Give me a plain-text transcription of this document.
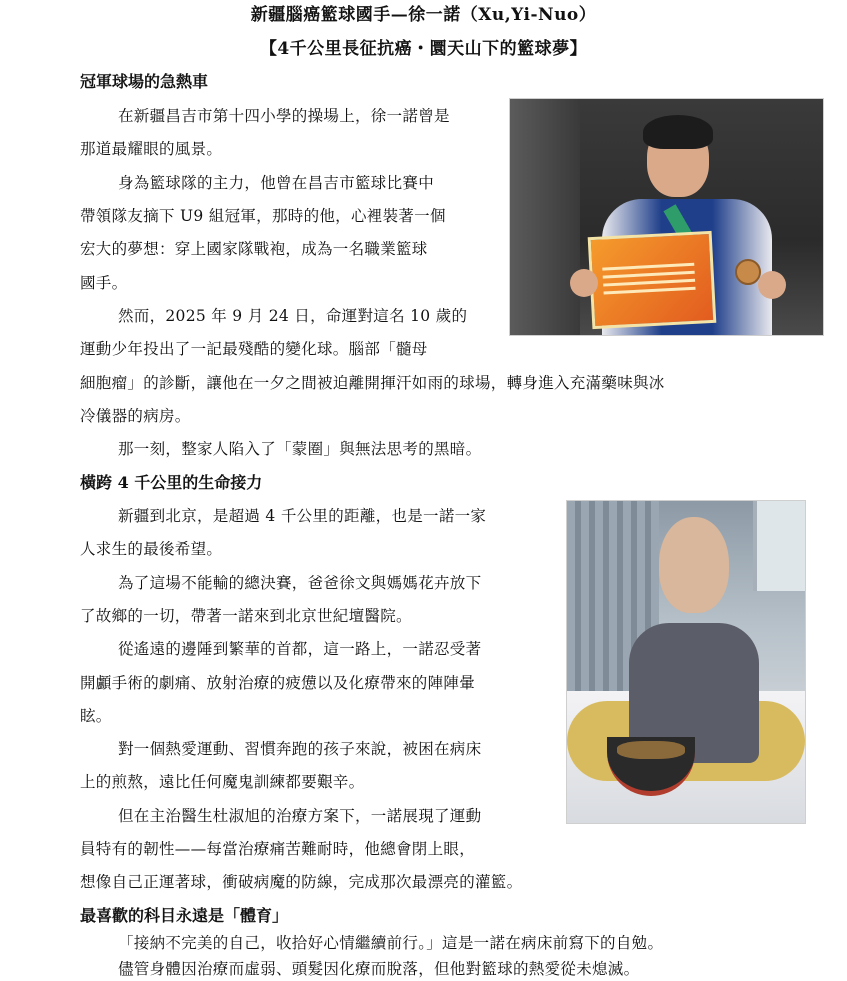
新疆腦癌籃球國手—徐一諾（Xu,Yi-Nuo）
【4千公里長征抗癌・圜天山下的籃球夢】
冠軍球場的急熱車
在新疆昌吉市第十四小學的操場上，徐一諾曾是
那道最耀眼的風景。
身為籃球隊的主力，他曾在昌吉市籃球比賽中
帶領隊友摘下 U9 組冠軍，那時的他，心裡裝著一個
宏大的夢想：穿上國家隊戰袍，成為一名職業籃球
國手。
然而，2025 年 9 月 24 日，命運對這名 10 歲的
運動少年投出了一記最殘酷的變化球。腦部「髓母
細胞瘤」的診斷，讓他在一夕之間被迫離開揮汗如雨的球場，轉身進入充滿藥味與冰
冷儀器的病房。
那一刻，整家人陷入了「蒙圈」與無法思考的黑暗。
橫跨 4 千公里的生命接力
新疆到北京，是超過 4 千公里的距離，也是一諾一家
人求生的最後希望。
為了這場不能輸的總決賽，爸爸徐文與媽媽花卉放下
了故鄉的一切，帶著一諾來到北京世紀壇醫院。
從遙遠的邊陲到繁華的首都，這一路上，一諾忍受著
開顱手術的劇痛、放射治療的疲憊以及化療帶來的陣陣暈
眩。
對一個熱愛運動、習慣奔跑的孩子來說，被困在病床
上的煎熬，遠比任何魔鬼訓練都要艱辛。
但在主治醫生杜淑旭的治療方案下，一諾展現了運動
員特有的韌性——每當治療痛苦難耐時，他總會閉上眼，
想像自己正運著球，衝破病魔的防線，完成那次最漂亮的灌籃。
最喜歡的科目永遠是「體育」
「接納不完美的自己，收拾好心情繼續前行。」這是一諾在病床前寫下的自勉。
儘管身體因治療而虛弱、頭髮因化療而脫落，但他對籃球的熱愛從未熄滅。
